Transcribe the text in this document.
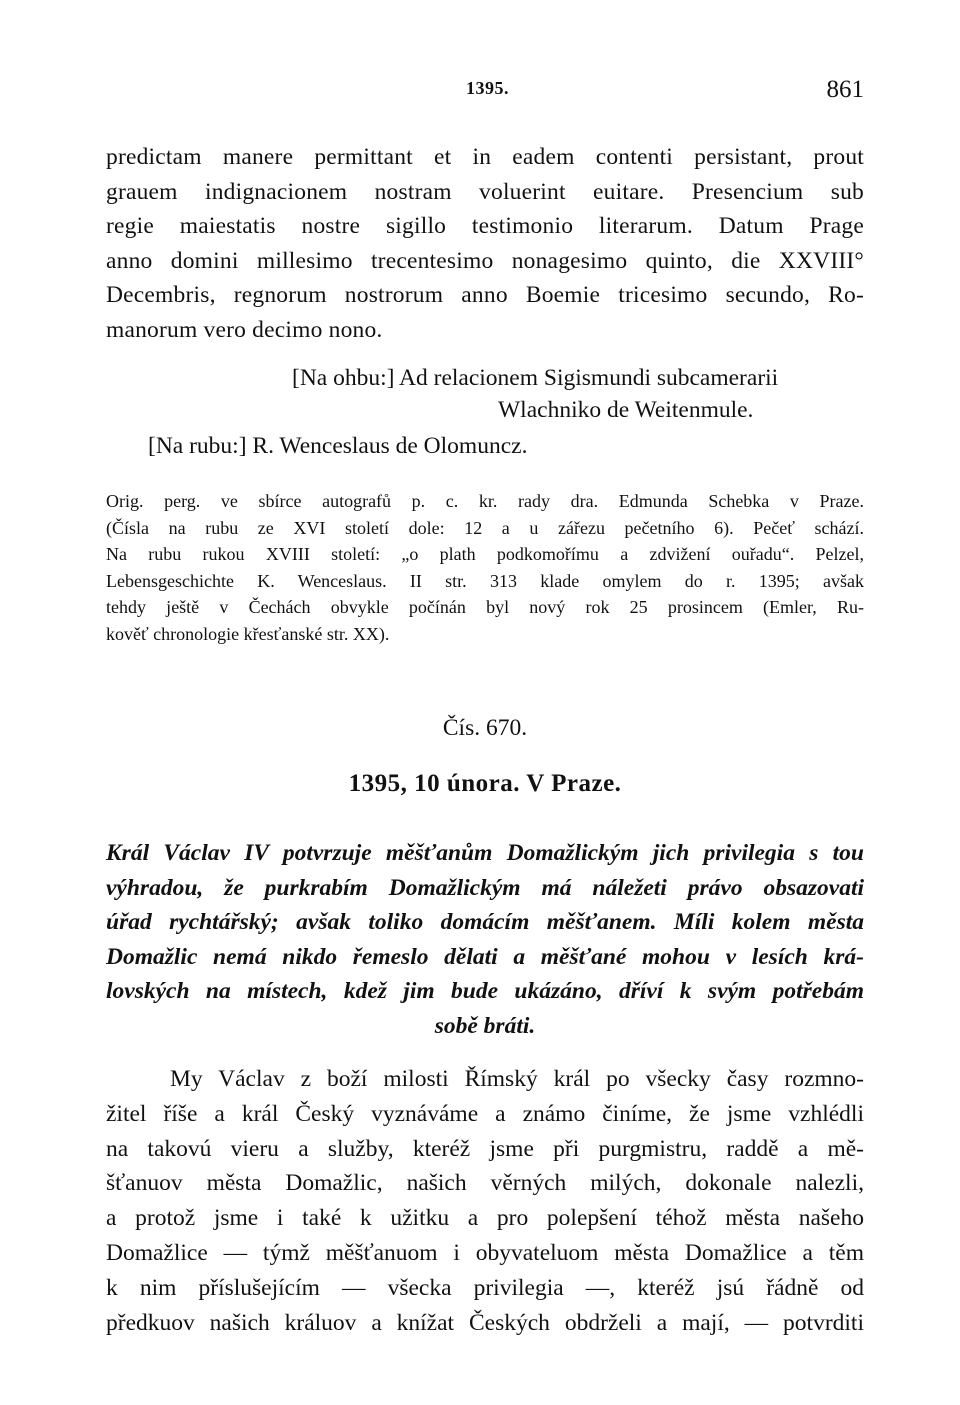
1395.	861
predictam manere permittant et in eadem contenti persistant, prout
grauem indignacionem nostram voluerint euitare. Presencium sub
regie maiestatis nostre sigillo testimonio literarum. Datum Prage
anno domini millesimo trecentesimo nonagesimo quinto, die XXVIII°
Decembris, regnorum nostrorum anno Boemie tricesimo secundo, Ro-
manorum vero decimo nono.
[Na ohbu:] Ad relacionem Sigismundi subcamerarii
Wlachniko de Weitenmule.
[Na rubu:] R. Wenceslaus de Olomuncz.
Orig. perg. ve sbírce autografů p. c. kr. rady dra. Edmunda Schebka v Praze.
(Čísla na rubu ze XVI století dole: 12 a u zářezu pečetního 6). Pečeť schází.
Na rubu rukou XVIII století: „o plath podkomořímu a zdvižení ouřadu“. Pelzel,
Lebensgeschichte K. Wenceslaus. II str. 313 klade omylem do r. 1395; avšak
tehdy ještě v Čechách obvykle počínán byl nový rok 25 prosincem (Emler, Ru-
kověť chronologie křesťanské str. XX).
Čís. 670.
1395, 10 února. V Praze.
Král Václav IV potvrzuje měšťanům Domažlickým jich privilegia s tou
výhradou, že purkrabím Domažlickým má náležeti právo obsazovati
úřad rychtářský; avšak toliko domácím měšťanem. Míli kolem města
Domažlic nemá nikdo řemeslo dělati a měšťané mohou v lesích krá-
lovských na místech, kdež jim bude ukázáno, dříví k svým potřebám
sobě bráti.
My Václav z boží milosti Římský král po všecky časy rozmno-
žitel říše a král Český vyznáváme a známo činíme, že jsme vzhlédli
na takovú vieru a služby, kteréž jsme při purgmistru, raddě a mě-
šťanuov města Domažlic, našich věrných milých, dokonale nalezli,
a protož jsme i také k užitku a pro polepšení téhož města našeho
Domažlice — týmž měšťanuom i obyvateluom města Domažlice a těm
k nim příslušejícím — všecka privilegia —, kteréž jsú řádně od
předkuov našich králuov a knížat Českých obdrželi a mají, — potvrditi
